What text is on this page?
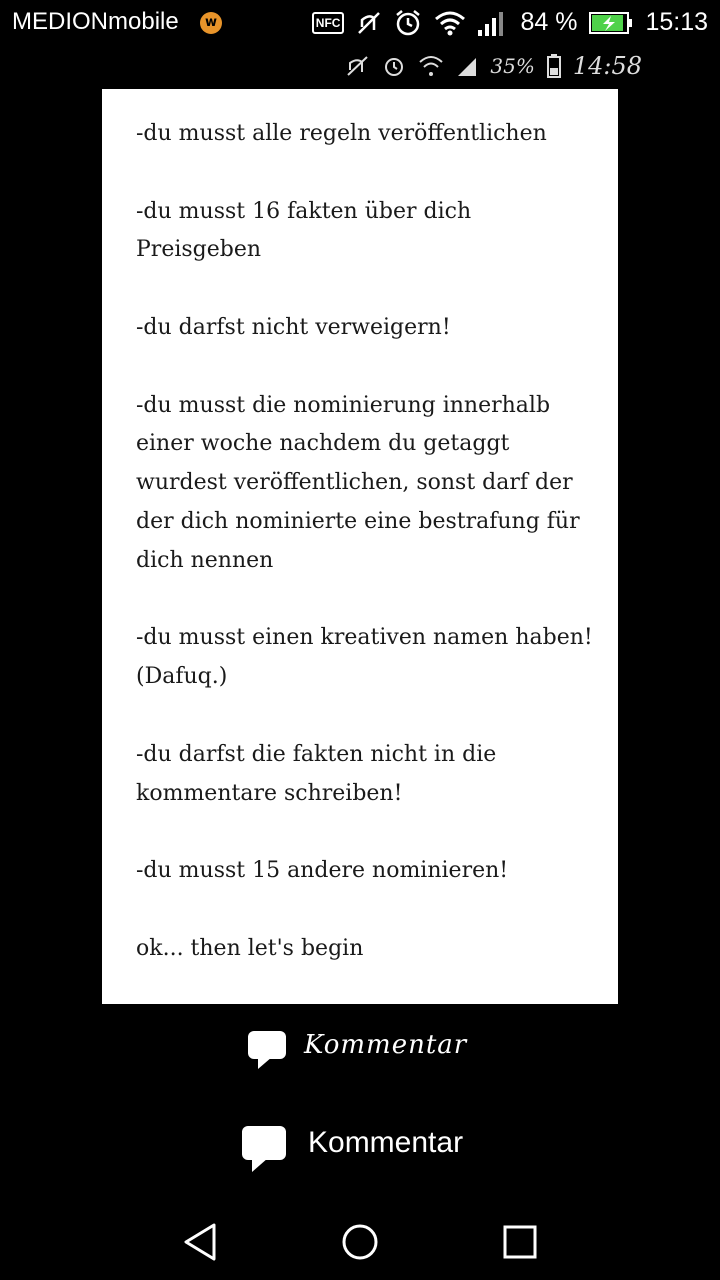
MEDIONmobile	w	NFC	84 %	15:13
35% 14:58
-du musst alle regeln veröffentlichen
-du musst 16 fakten über dich Preisgeben
-du darfst nicht verweigern!
-du musst die nominierung innerhalb einer woche nachdem du getaggt wurdest veröffentlichen, sonst darf der der dich nominierte eine bestrafung für dich nennen
-du musst einen kreativen namen haben! (Dafuq.)
-du darfst die fakten nicht in die kommentare schreiben!
-du musst 15 andere nominieren!
ok... then let's begin
Kommentar
Kommentar
